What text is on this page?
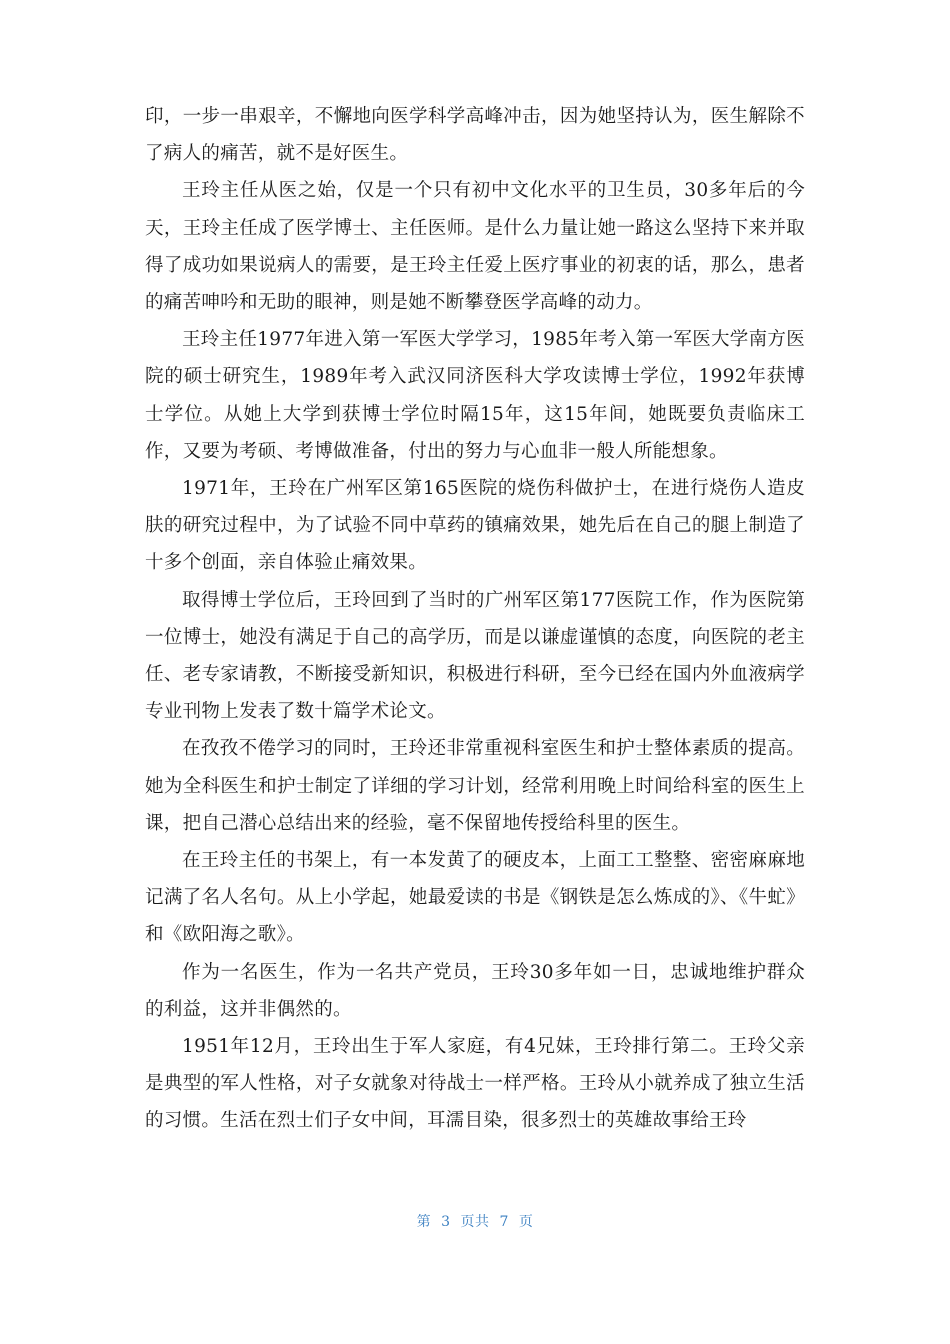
印，一步一串艰辛，不懈地向医学科学高峰冲击，因为她坚持认为，医生解除不了病人的痛苦，就不是好医生。

王玲主任从医之始，仅是一个只有初中文化水平的卫生员，30多年后的今天，王玲主任成了医学博士、主任医师。是什么力量让她一路这么坚持下来并取得了成功如果说病人的需要，是王玲主任爱上医疗事业的初衷的话，那么，患者的痛苦呻吟和无助的眼神，则是她不断攀登医学高峰的动力。

王玲主任1977年进入第一军医大学学习，1985年考入第一军医大学南方医院的硕士研究生，1989年考入武汉同济医科大学攻读博士学位，1992年获博士学位。从她上大学到获博士学位时隔15年，这15年间，她既要负责临床工作，又要为考硕、考博做准备，付出的努力与心血非一般人所能想象。

1971年，王玲在广州军区第165医院的烧伤科做护士，在进行烧伤人造皮肤的研究过程中，为了试验不同中草药的镇痛效果，她先后在自己的腿上制造了十多个创面，亲自体验止痛效果。

取得博士学位后，王玲回到了当时的广州军区第177医院工作，作为医院第一位博士，她没有满足于自己的高学历，而是以谦虚谨慎的态度，向医院的老主任、老专家请教，不断接受新知识，积极进行科研，至今已经在国内外血液病学专业刊物上发表了数十篇学术论文。

在孜孜不倦学习的同时，王玲还非常重视科室医生和护士整体素质的提高。她为全科医生和护士制定了详细的学习计划，经常利用晚上时间给科室的医生上课，把自己潜心总结出来的经验，毫不保留地传授给科里的医生。

在王玲主任的书架上，有一本发黄了的硬皮本，上面工工整整、密密麻麻地记满了名人名句。从上小学起，她最爱读的书是《钢铁是怎么炼成的》、《牛虻》和《欧阳海之歌》。

作为一名医生，作为一名共产党员，王玲30多年如一日，忠诚地维护群众的利益，这并非偶然的。

1951年12月，王玲出生于军人家庭，有4兄妹，王玲排行第二。王玲父亲是典型的军人性格，对子女就象对待战士一样严格。王玲从小就养成了独立生活的习惯。生活在烈士们子女中间，耳濡目染，很多烈士的英雄故事给王玲

第 3 页共 7 页
